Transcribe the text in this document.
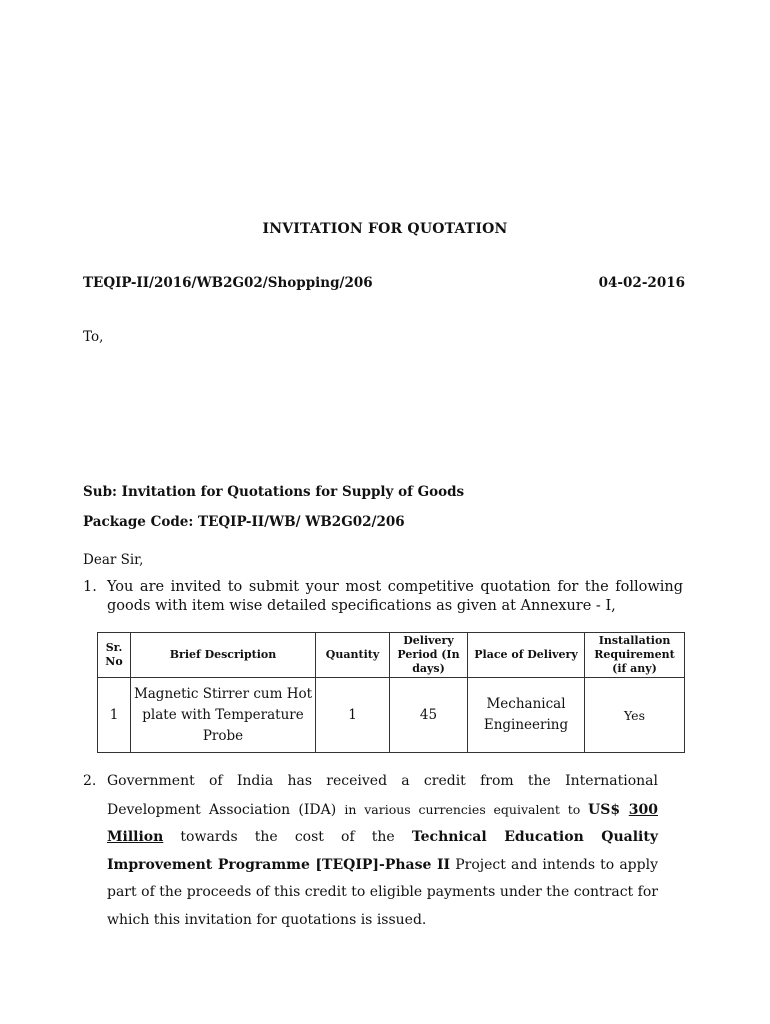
INVITATION FOR QUOTATION
TEQIP-II/2016/WB2G02/Shopping/206	04-02-2016
To,
Sub: Invitation for Quotations for Supply of Goods
Package Code: TEQIP-II/WB/ WB2G02/206
Dear Sir,
1. You are invited to submit your most competitive quotation for the following goods with item wise detailed specifications as given at Annexure - I,
Sr. No	Brief Description	Quantity	Delivery Period (In days)	Place of Delivery	Installation Requirement (if any)
1	Magnetic Stirrer cum Hot plate with Temperature Probe	1	45	Mechanical Engineering	Yes
2. Government of India has received a credit from the International Development Association (IDA) in various currencies equivalent to US$ 300 Million towards the cost of the Technical Education Quality Improvement Programme [TEQIP]-Phase II Project and intends to apply part of the proceeds of this credit to eligible payments under the contract for which this invitation for quotations is issued.
